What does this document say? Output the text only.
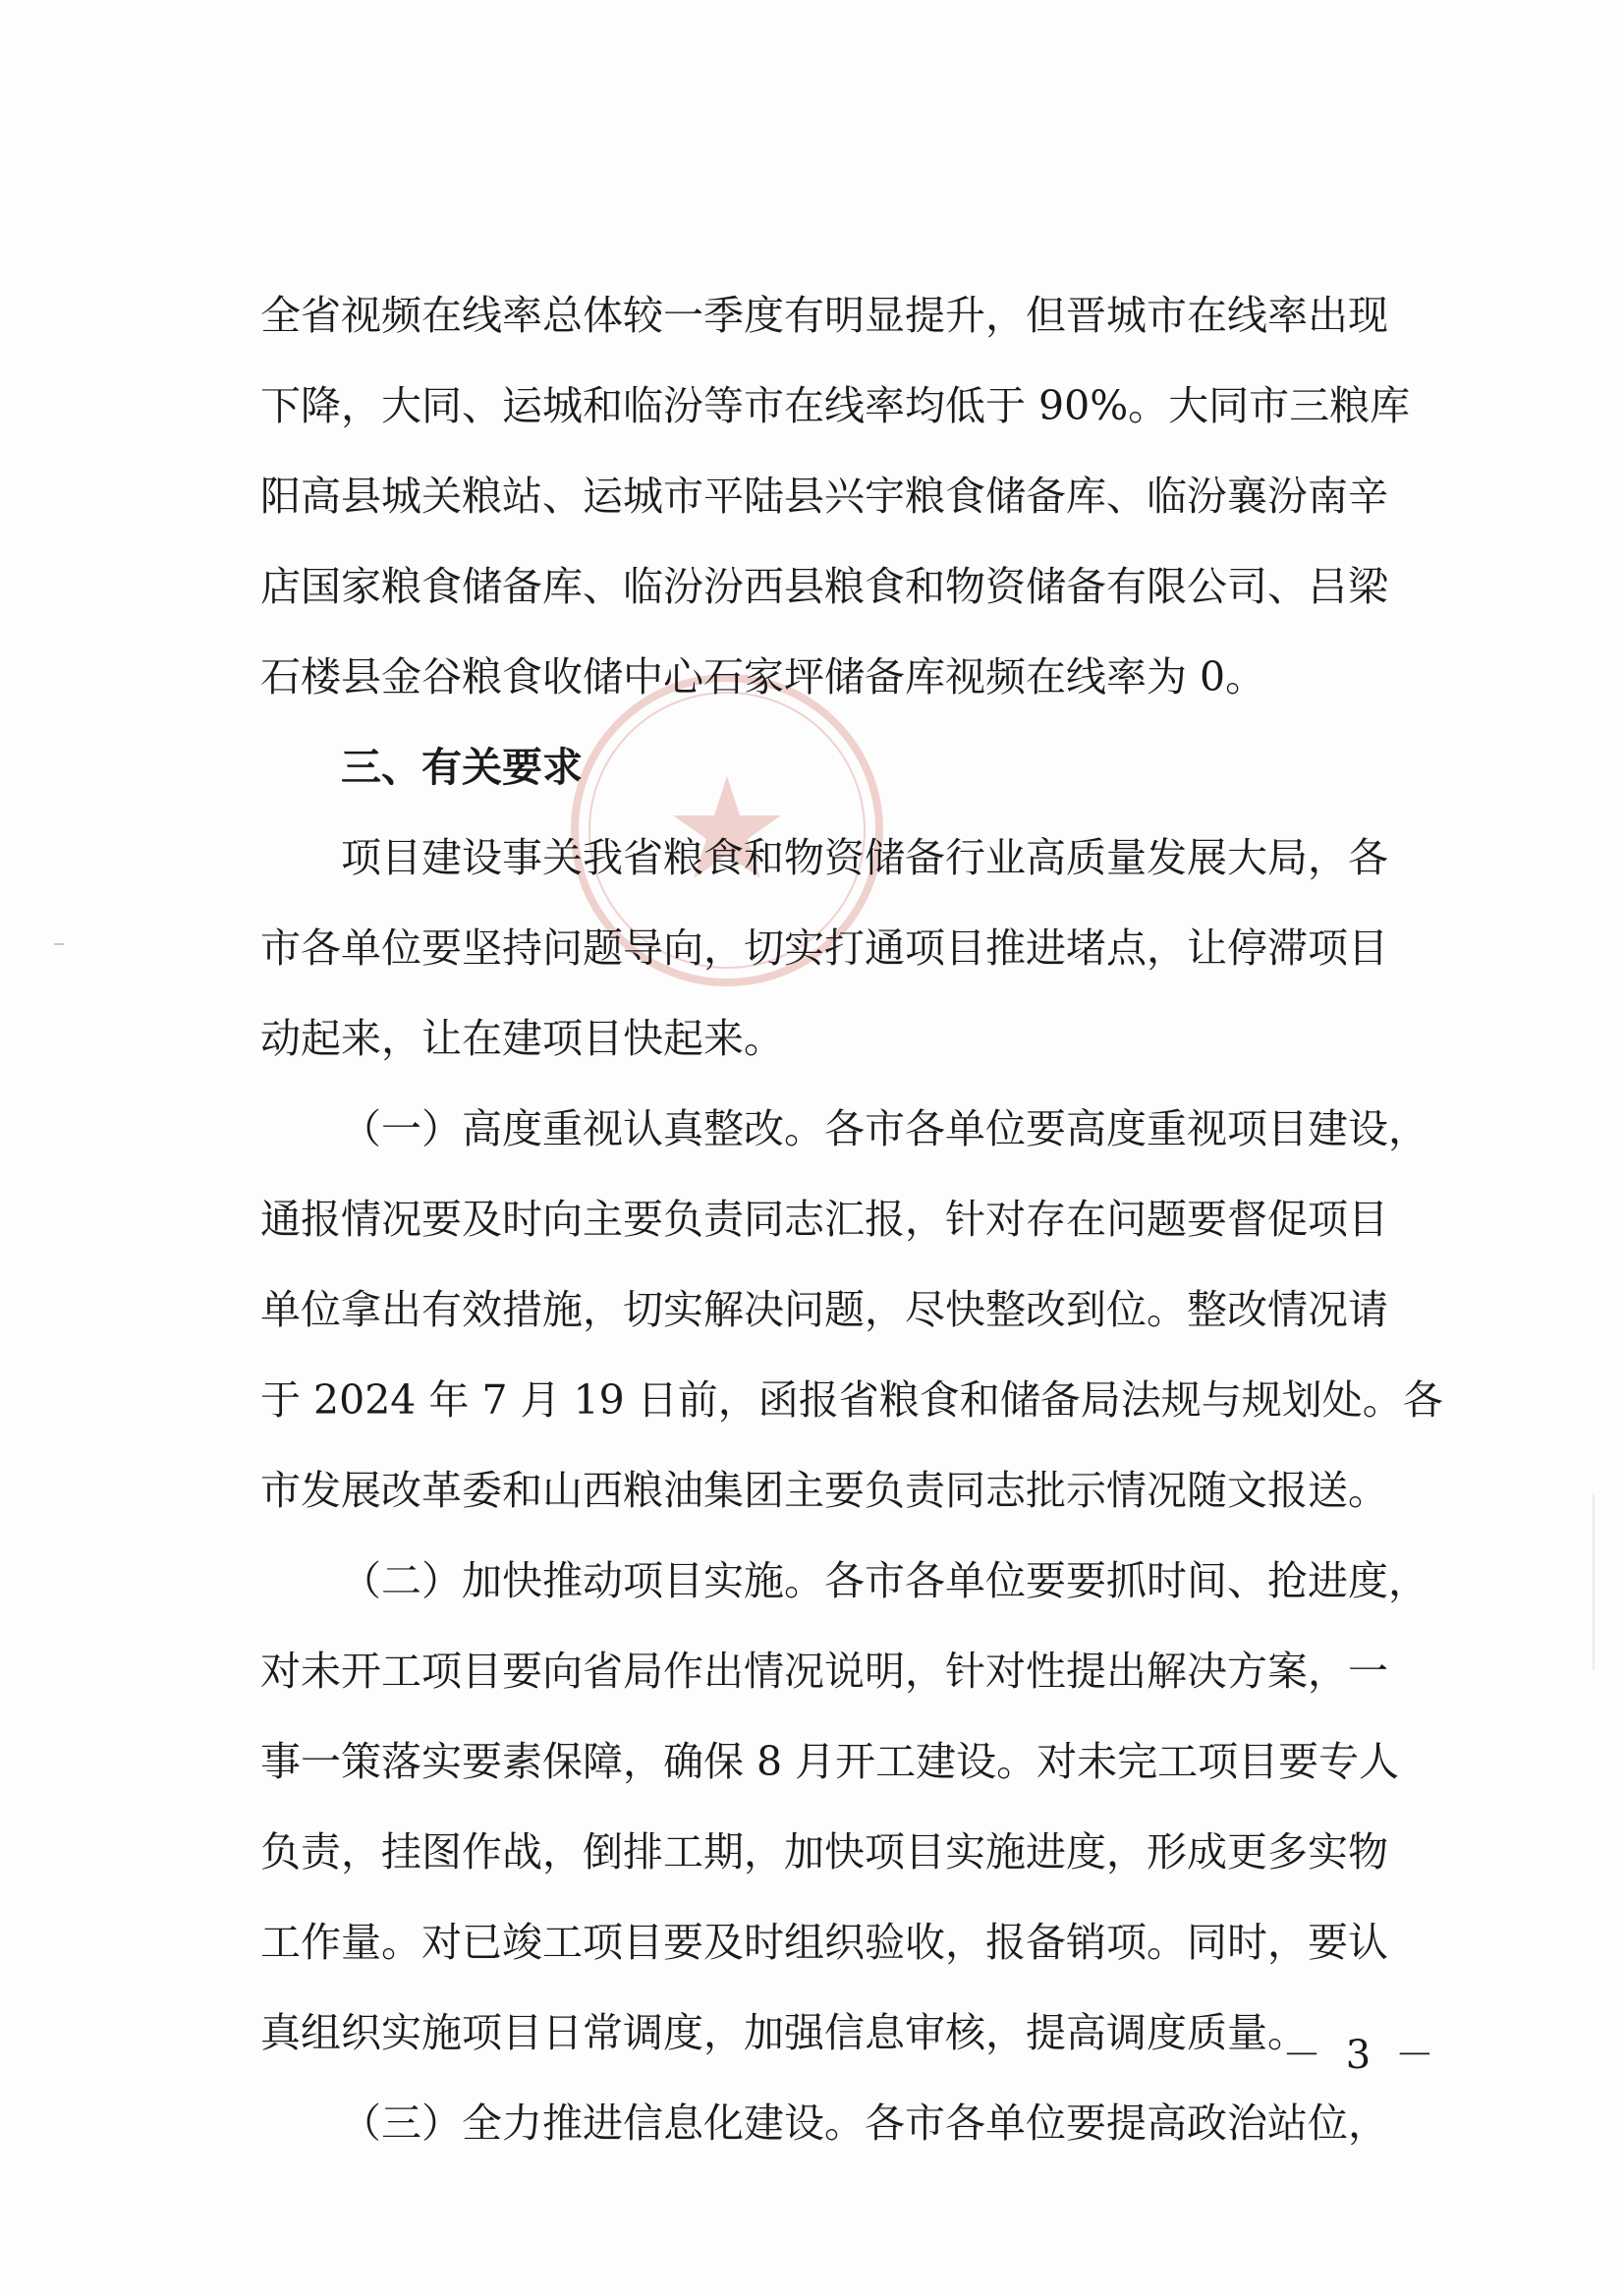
全省视频在线率总体较一季度有明显提升，但晋城市在线率出现
下降，大同、运城和临汾等市在线率均低于 90%。大同市三粮库
阳高县城关粮站、运城市平陆县兴宇粮食储备库、临汾襄汾南辛
店国家粮食储备库、临汾汾西县粮食和物资储备有限公司、吕梁
石楼县金谷粮食收储中心石家坪储备库视频在线率为 0。
三、有关要求
项目建设事关我省粮食和物资储备行业高质量发展大局，各
市各单位要坚持问题导向，切实打通项目推进堵点，让停滞项目
动起来，让在建项目快起来。
（一）高度重视认真整改。各市各单位要高度重视项目建设，
通报情况要及时向主要负责同志汇报，针对存在问题要督促项目
单位拿出有效措施，切实解决问题，尽快整改到位。整改情况请
于 2024 年 7 月 19 日前，函报省粮食和储备局法规与规划处。各
市发展改革委和山西粮油集团主要负责同志批示情况随文报送。
（二）加快推动项目实施。各市各单位要要抓时间、抢进度，
对未开工项目要向省局作出情况说明，针对性提出解决方案，一
事一策落实要素保障，确保 8 月开工建设。对未完工项目要专人
负责，挂图作战，倒排工期，加快项目实施进度，形成更多实物
工作量。对已竣工项目要及时组织验收，报备销项。同时，要认
真组织实施项目日常调度，加强信息审核，提高调度质量。
（三）全力推进信息化建设。各市各单位要提高政治站位，
－ 3 －
